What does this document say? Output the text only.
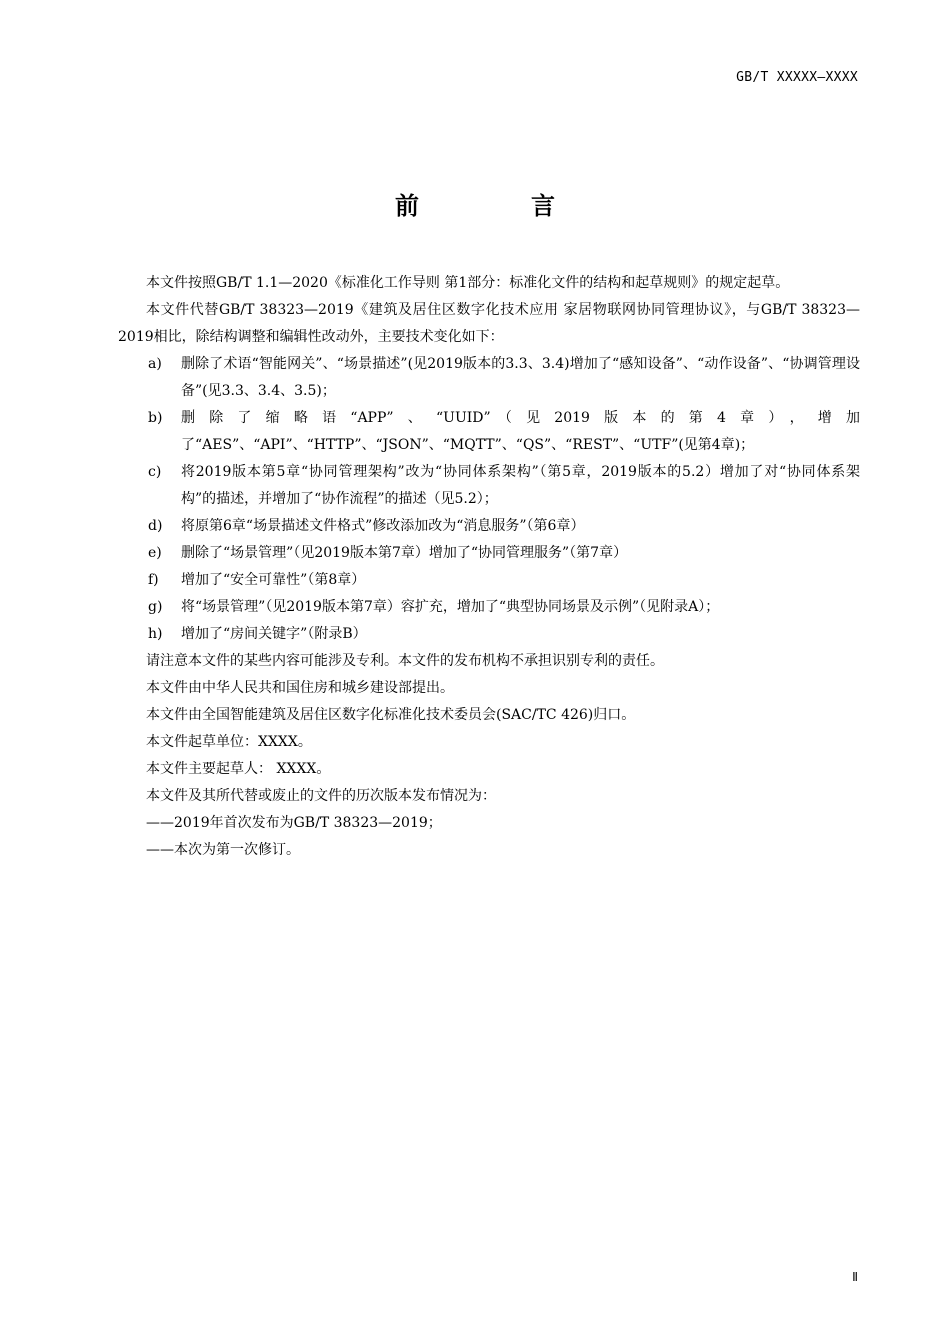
GB/T XXXXX—XXXX
前　言

本文件按照GB/T 1.1—2020《标准化工作导则 第1部分：标准化文件的结构和起草规则》的规定起草。

本文件代替GB/T 38323—2019《建筑及居住区数字化技术应用 家居物联网协同管理协议》，与GB/T 38323—2019相比，除结构调整和编辑性改动外，主要技术变化如下：

a) 删除了术语“智能网关”、“场景描述”(见2019版本的3.3、3.4)增加了“感知设备”、“动作设备”、“协调管理设备”(见3.3、3.4、3.5)；

b) 删除了缩略语“APP”、“UUID”（见2019版本的第4章），增加了“AES”、“API”、“HTTP”、“JSON”、“MQTT”、“QS”、“REST”、“UTF”(见第4章)；

c) 将2019版本第5章“协同管理架构”改为“协同体系架构”（第5章，2019版本的5.2）增加了对“协同体系架构”的描述，并增加了“协作流程”的描述（见5.2）；

d) 将原第6章“场景描述文件格式”修改添加改为“消息服务”（第6章）

e) 删除了“场景管理”（见2019版本第7章）增加了“协同管理服务”（第7章）

f) 增加了“安全可靠性”（第8章）

g) 将“场景管理”（见2019版本第7章）容扩充，增加了“典型协同场景及示例”（见附录A）；

h) 增加了“房间关键字”（附录B）

请注意本文件的某些内容可能涉及专利。本文件的发布机构不承担识别专利的责任。

本文件由中华人民共和国住房和城乡建设部提出。

本文件由全国智能建筑及居住区数字化标准化技术委员会(SAC/TC 426)归口。

本文件起草单位：XXXX。

本文件主要起草人： XXXX。

本文件及其所代替或废止的文件的历次版本发布情况为：

——2019年首次发布为GB/T 38323—2019；

——本次为第一次修订。

Ⅱ
